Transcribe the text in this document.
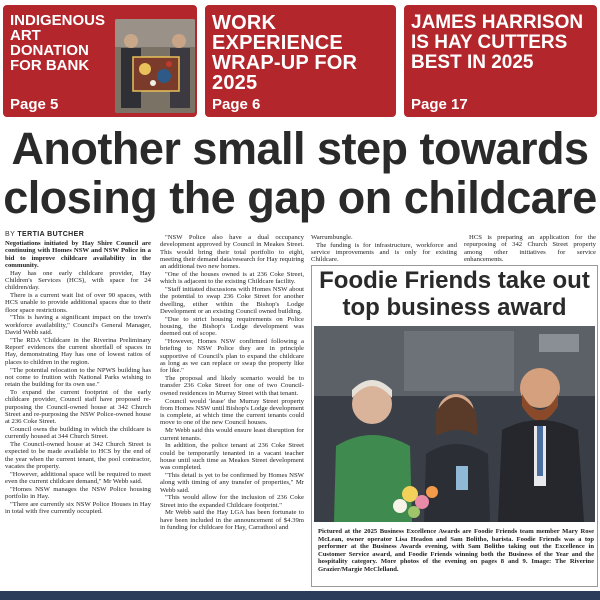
INDIGENOUS ART DONATION FOR BANK
Page 5
WORK EXPERIENCE WRAP-UP FOR 2025
Page 6
JAMES HARRISON IS HAY CUTTERS BEST IN 2025
Page 17
Another small step towards closing the gap on childcare
BY TERTIA BUTCHER

Negotiations initiated by Hay Shire Council are continuing with Homes NSW and NSW Police in a bid to improve childcare availability in the community.

Hay has one early childcare provider, Hay Children's Services (HCS), with space for 24 children/day.

There is a current wait list of over 90 spaces, with HCS unable to provide additional spaces due to their floor space restrictions.

"This is having a significant impact on the town's workforce availability," Council's General Manager, David Webb said.

"The RDA 'Childcare in the Riverina Preliminary Report' evidences the current shortfall of spaces in Hay, demonstrating Hay has one of lowest ratios of places to children in the region.

"The potential relocation to the NPWS building has not come to fruition with National Parks wishing to retain the building for its own use."

To expand the current footprint of the early childcare provider, Council staff have proposed re-purposing the Council-owned house at 342 Church Street and re-purposing the NSW Police-owned house at 236 Coke Street.

Council owns the building in which the childcare is currently housed at 344 Church Street.

The Council-owned house at 342 Church Street is expected to be made available to HCS by the end of the year when the current tenant, the pool contractor, vacates the property.

"However, additional space will be required to meet even the current childcare demand," Mr Webb said.

"Homes NSW manages the NSW Police housing portfolio in Hay.

"There are currently six NSW Police Houses in Hay in total with five currently occupied.

"NSW Police also have a dual occupancy development approved by Council in Meakes Street. This would bring their total portfolio to eight, meeting their demand data/research for Hay requiring an additional two new homes.

"One of the houses owned is at 236 Coke Street, which is adjacent to the existing Childcare facility.

"Staff initiated discussions with Homes NSW about the potential to swap 236 Coke Street for another dwelling, either within the Bishop's Lodge Development or an existing Council owned building.

"Due to strict housing requirements on Police housing, the Bishop's Lodge development was deemed out of scope.

"However, Homes NSW confirmed following a briefing to NSW Police they are in principle supportive of Council's plan to expand the childcare as long as we can replace or swap the property like for like."

The proposal and likely scenario would be to transfer 236 Coke Street for one of two Council-owned residences in Murray Street with that tenant.

Council would 'lease' the Murray Street property from Homes NSW until Bishop's Lodge development is complete, at which time the current tenants could move to one of the new Council houses.

Mr Webb said this would ensure least disruption for current tenants.

In addition, the police tenant at 236 Coke Street could be temporarily tenanted in a vacant teacher house until such time as Meakes Street development was completed.

"This detail is yet to be confirmed by Homes NSW along with timing of any transfer of properties," Mr Webb said.

"This would allow for the inclusion of 236 Coke Street into the expanded Childcare footprint."

Mr Webb said the Hay LGA has been fortunate to have been included in the announcement of $4.39m in funding for childcare for Hay, Carrathool and

Warrumbungle.

The funding is for infrastructure, workforce and service improvements and is only for existing Childcare.

HCS is preparing an application for the repurposing of 342 Church Street property among other initiatives for service enhancements.

Foodie Friends take out top business award
Pictured at the 2025 Business Excellence Awards are Foodie Friends team member Mary Rose McLean, owner operator Lisa Headon and Sam Bolitho, barista. Foodie Friends was a top performer at the Business Awards evening, with Sam Bolitho taking out the Excellence in Customer Service award, and Foodie Friends winning both the Business of the Year and the hospitality category. More photos of the evening on pages 8 and 9. Image: The Riverine Grazier/Margie McClelland.
